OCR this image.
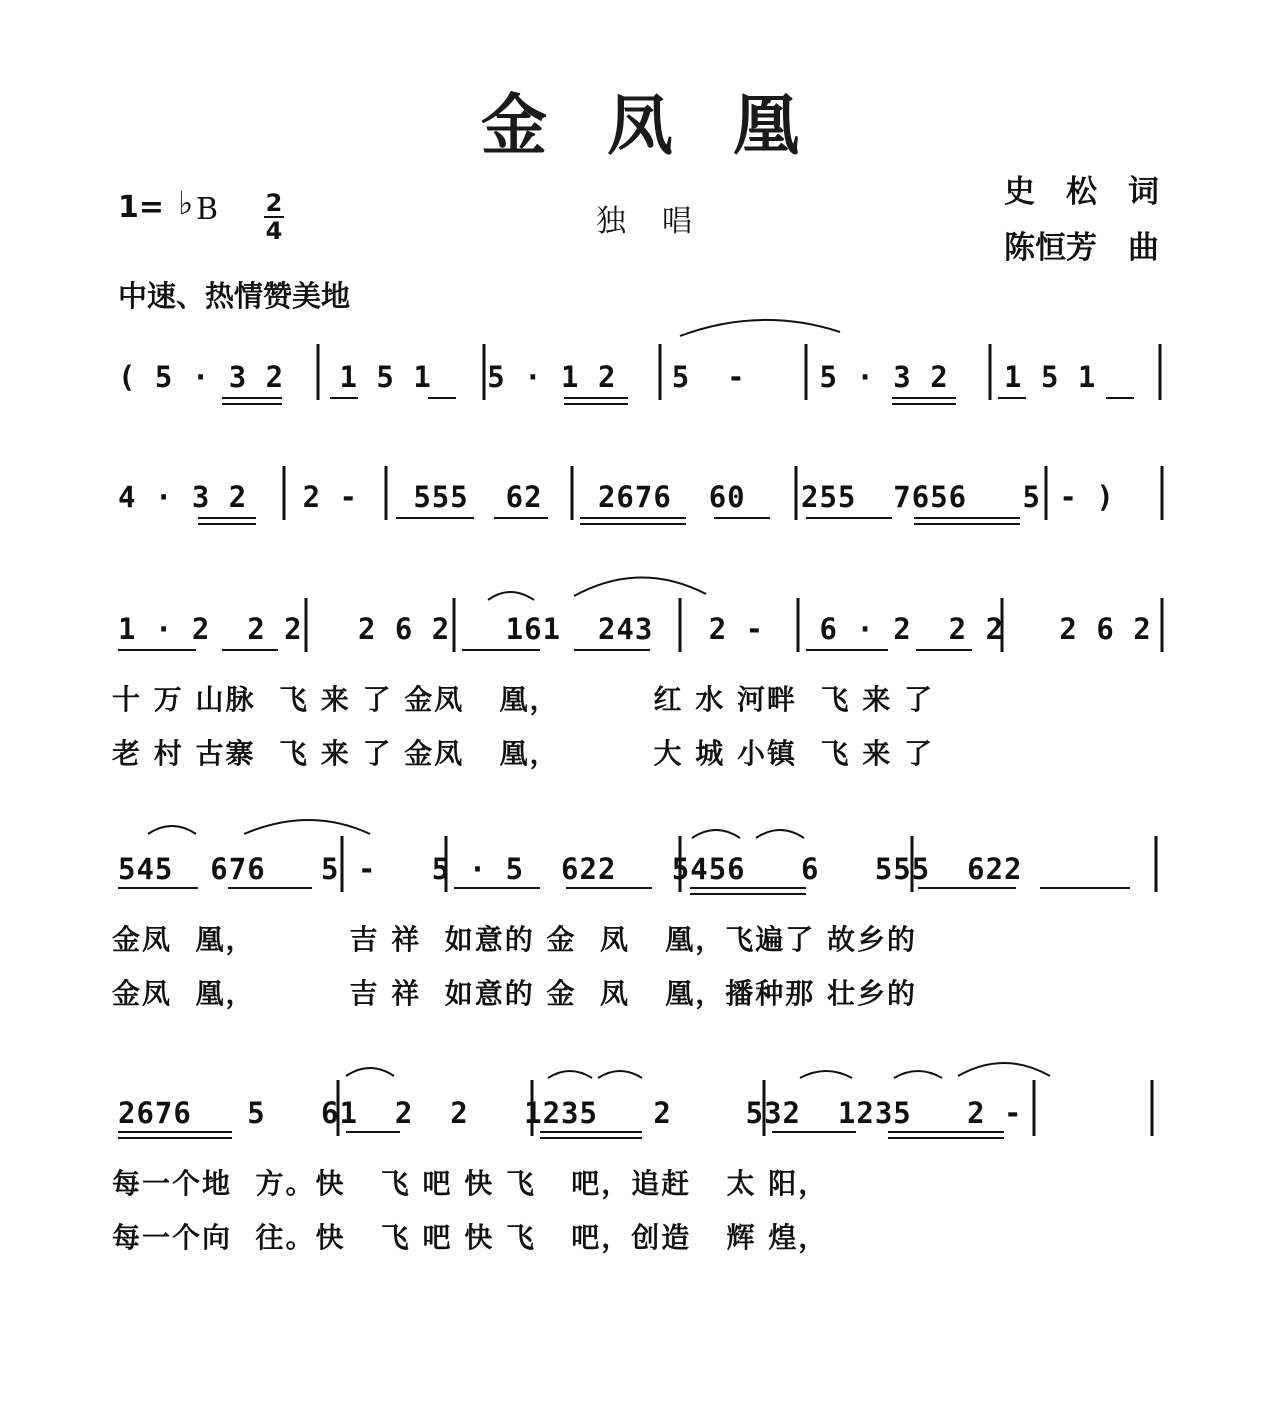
金凤凰
1= ♭ B 2
4	独唱
史　松　词
陈恒芳　曲
中速、热情赞美地
( 5 · 3 2   1 5 1   5 · 1 2   5  -    5 · 3 2   1 5 1
4 · 3 2   2 -   555  62   2676  60   255  7656   5 - )
1 · 2  2 2   2 6 2   161  243   2 -   6 · 2  2 2   2 6 2
十 万 山脉  飞 来 了 金凤   凰，        红 水 河畔  飞 来 了
老 村 古寨  飞 来 了 金凤   凰，        大 城 小镇  飞 来 了
545  676   5 -   5 · 5  622   5456   6   555  622
金凤  凰，        吉 祥  如意的 金  凤   凰，飞遍了 故乡的
金凤  凰，        吉 祥  如意的 金  凤   凰，播种那 壮乡的
2676   5   61  2  2   1235   2    532  1235   2 -
每一个地  方。快   飞 吧 快 飞   吧，追赶   太 阳，
每一个向  往。快   飞 吧 快 飞   吧，创造   辉 煌，
